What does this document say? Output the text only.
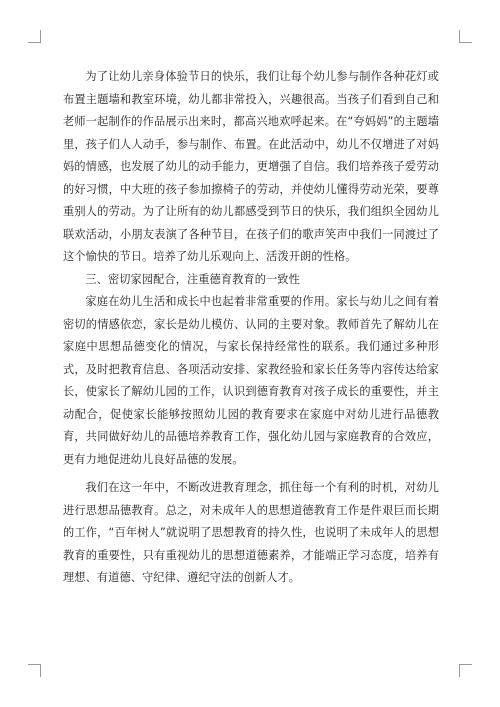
为了让幼儿亲身体验节日的快乐，我们让每个幼儿参与制作各种花灯或布置主题墙和教室环境，幼儿都非常投入，兴趣很高。当孩子们看到自己和老师一起制作的作品展示出来时，都高兴地欢呼起来。在“夸妈妈”的主题墙里，孩子们人人动手，参与制作、布置。在此活动中，幼儿不仅增进了对妈妈的情感，也发展了幼儿的动手能力，更增强了自信。我们培养孩子爱劳动的好习惯，中大班的孩子参加擦椅子的劳动，并使幼儿懂得劳动光荣，要尊重别人的劳动。为了让所有的幼儿都感受到节日的快乐，我们组织全园幼儿联欢活动，小朋友表演了各种节目，在孩子们的歌声笑声中我们一同渡过了这个愉快的节日。培养了幼儿乐观向上、活泼开朗的性格。

三、密切家园配合，注重德育教育的一致性

家庭在幼儿生活和成长中也起着非常重要的作用。家长与幼儿之间有着密切的情感依恋，家长是幼儿模仿、认同的主要对象。教师首先了解幼儿在家庭中思想品德变化的情况，与家长保持经常性的联系。我们通过多种形式，及时把教育信息、各项活动安排、家教经验和家长任务等内容传达给家长，使家长了解幼儿园的工作，认识到德育教育对孩子成长的重要性，并主动配合，促使家长能够按照幼儿园的教育要求在家庭中对幼儿进行品德教育，共同做好幼儿的品德培养教育工作，强化幼儿园与家庭教育的合效应，更有力地促进幼儿良好品德的发展。

我们在这一年中，不断改进教育理念，抓住每一个有利的时机，对幼儿进行思想品德教育。总之，对未成年人的思想道德教育工作是件艰巨而长期的工作，“百年树人”就说明了思想教育的持久性，也说明了未成年人的思想教育的重要性，只有重视幼儿的思想道德素养，才能端正学习态度，培养有理想、有道德、守纪律、遵纪守法的创新人才。
